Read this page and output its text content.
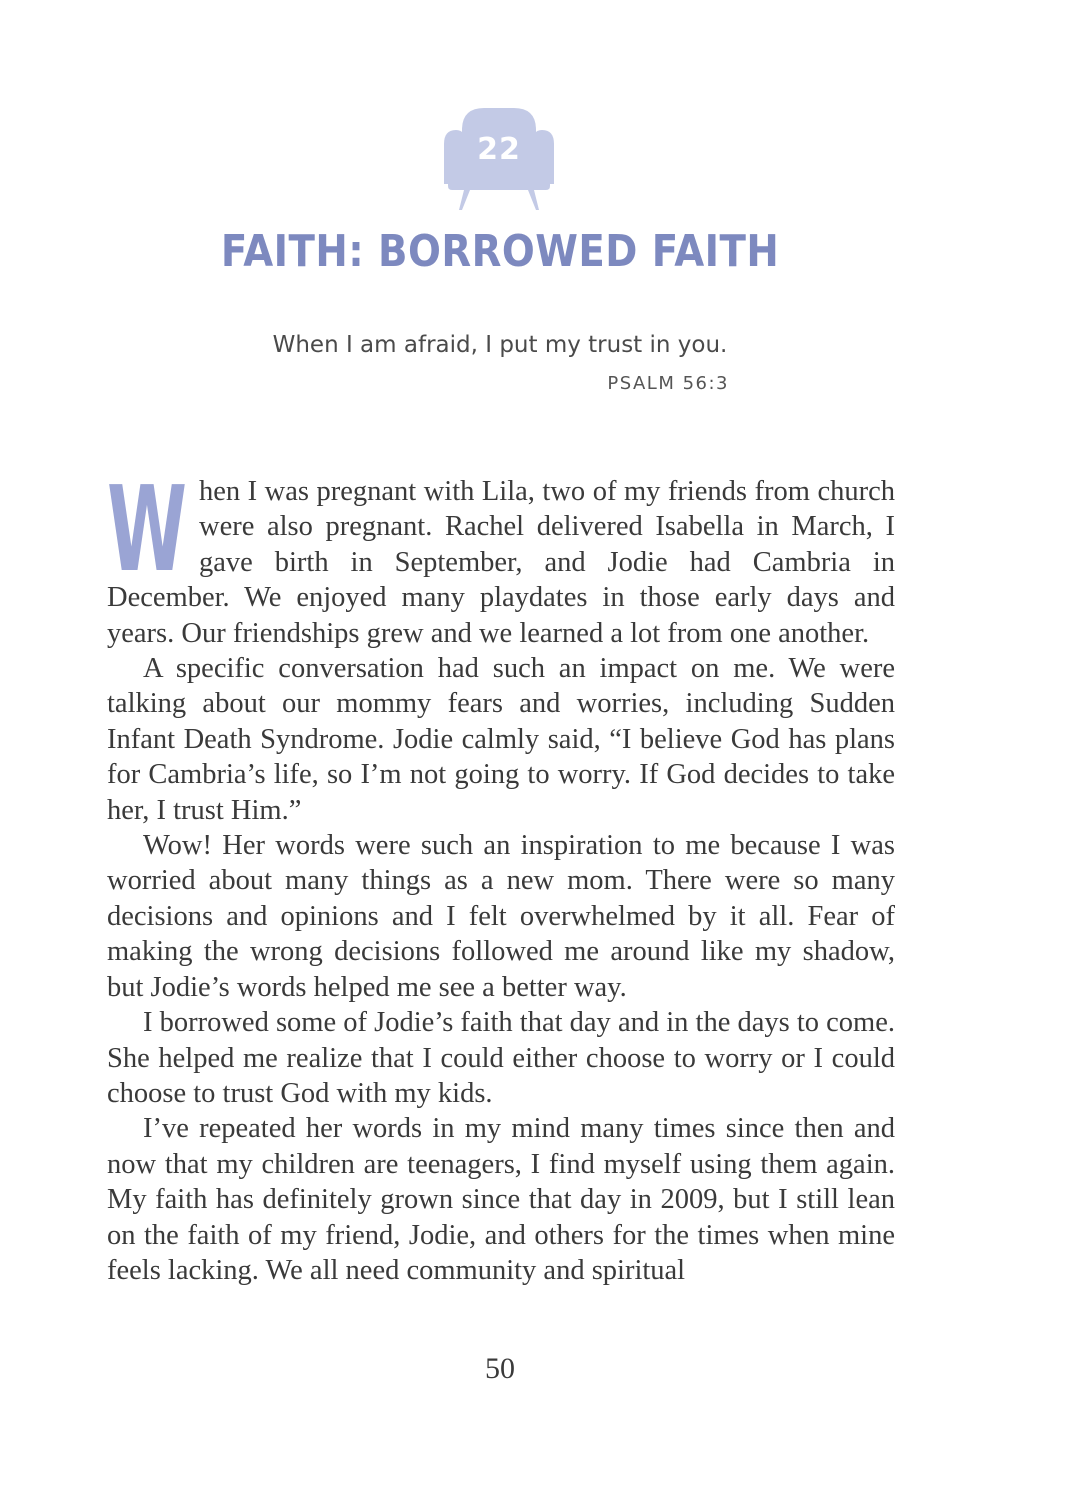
22
FAITH: BORROWED FAITH
When I am afraid, I put my trust in you.
PSALM 56:3

W hen I was pregnant with Lila, two of my friends from church were also pregnant. Rachel delivered Isabella in March, I gave birth in September, and Jodie had Cambria in December. We enjoyed many playdates in those early days and years. Our friendships grew and we learned a lot from one another.

A specific conversation had such an impact on me. We were talking about our mommy fears and worries, including Sudden Infant Death Syndrome. Jodie calmly said, “I believe God has plans for Cambria’s life, so I’m not going to worry. If God decides to take her, I trust Him.”

Wow! Her words were such an inspiration to me because I was worried about many things as a new mom. There were so many decisions and opinions and I felt overwhelmed by it all. Fear of making the wrong decisions followed me around like my shadow, but Jodie’s words helped me see a better way.

I borrowed some of Jodie’s faith that day and in the days to come. She helped me realize that I could either choose to worry or I could choose to trust God with my kids.

I’ve repeated her words in my mind many times since then and now that my children are teenagers, I find myself using them again. My faith has definitely grown since that day in 2009, but I still lean on the faith of my friend, Jodie, and others for the times when mine feels lacking. We all need community and spiritual

50
